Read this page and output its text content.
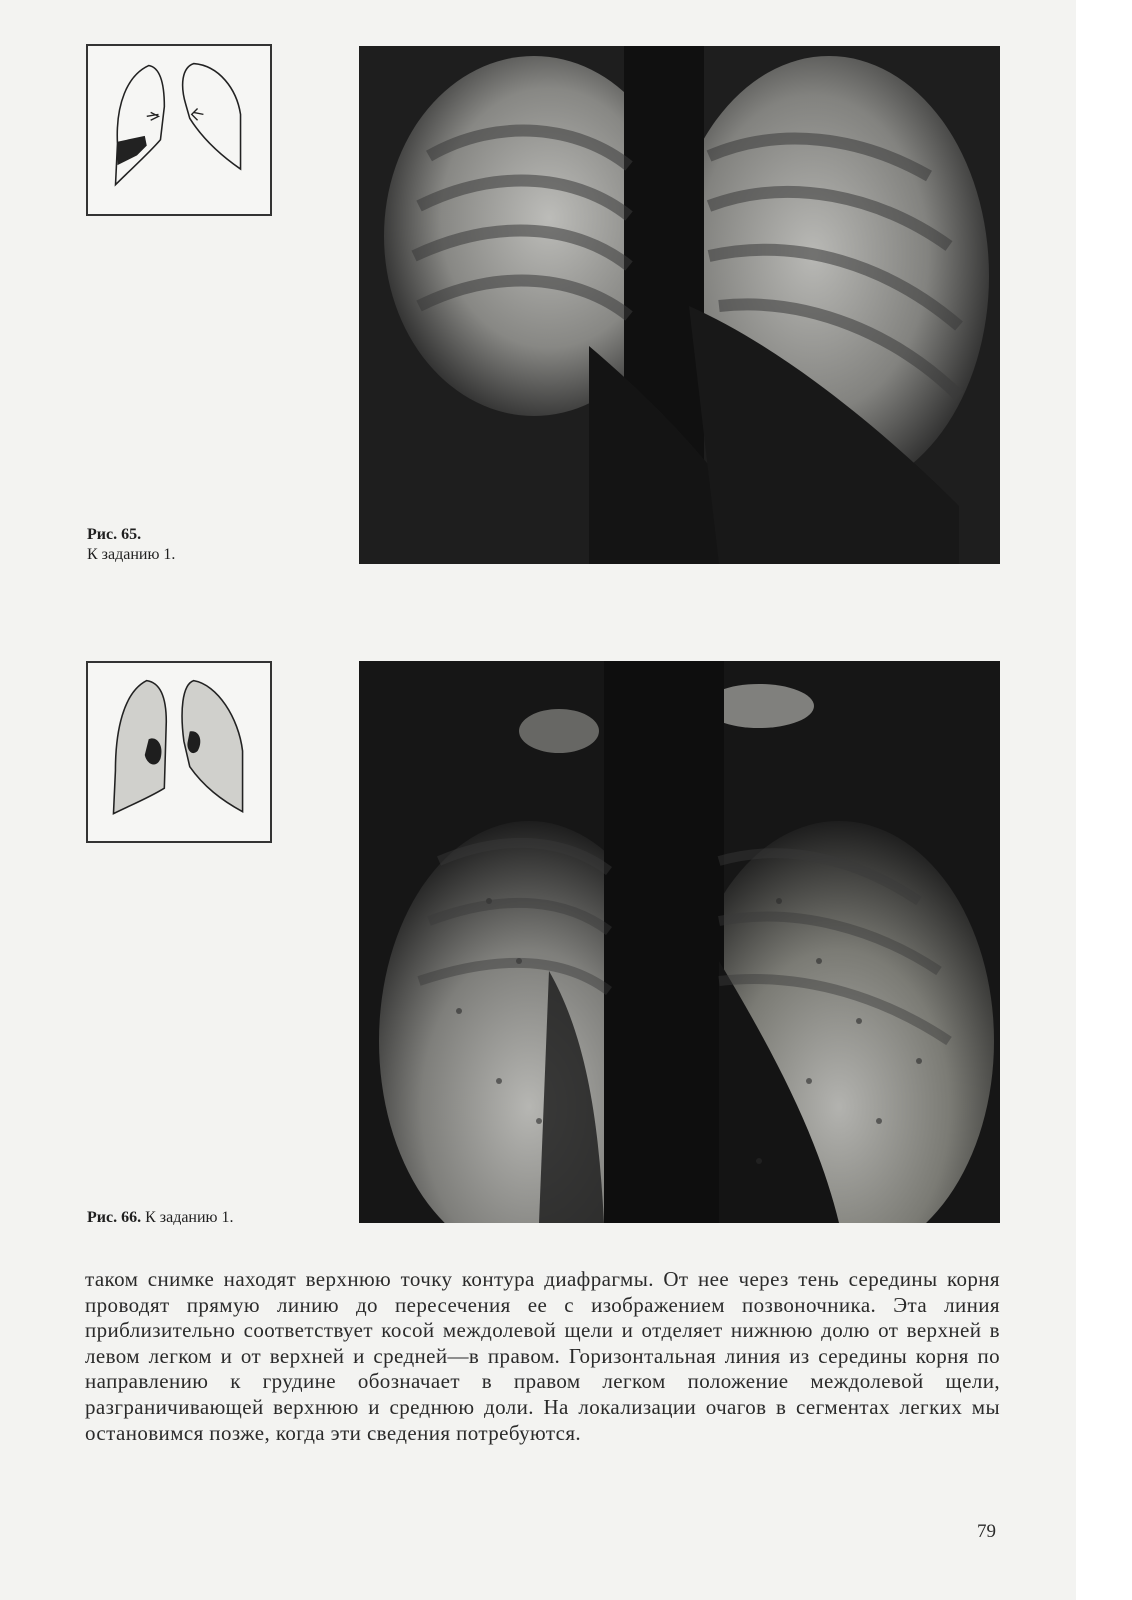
Рис. 65.
К заданию 1.
Рис. 66. К заданию 1.
таком снимке находят верхнюю точку контура диафрагмы. От нее через тень середины корня проводят прямую линию до пересечения ее с изображением позвоночника. Эта линия приблизительно соответствует косой междолевой щели и отделяет нижнюю долю от верхней в левом легком и от верхней и средней—в правом. Горизонтальная линия из середины корня по направлению к грудине обозначает в правом легком положение междолевой щели, разграничивающей верхнюю и среднюю доли. На локализации очагов в сегментах легких мы остановимся позже, когда эти сведения потребуются.
79
